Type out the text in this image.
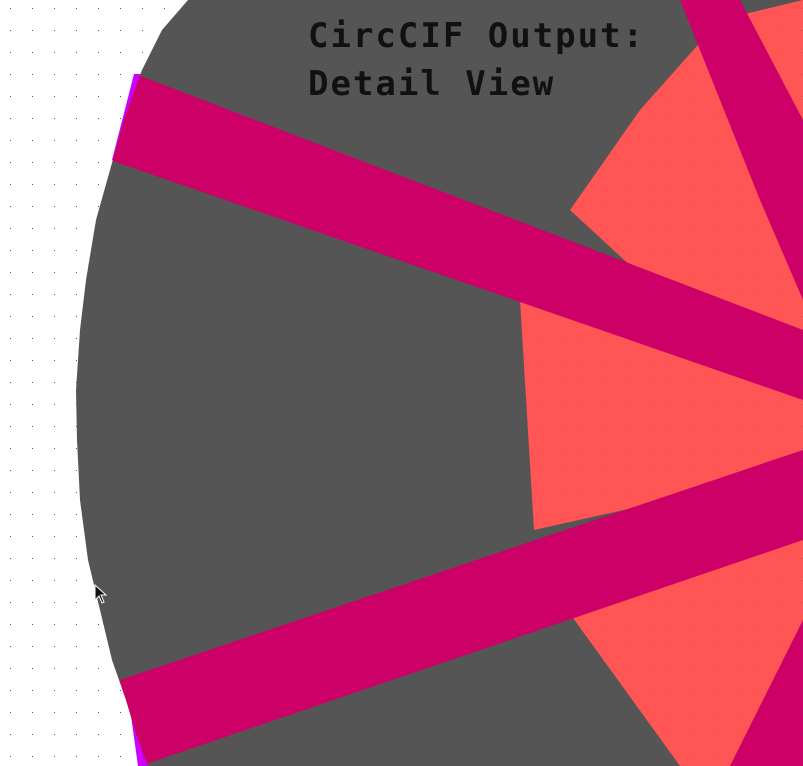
CircCIF Output:
Detail View
